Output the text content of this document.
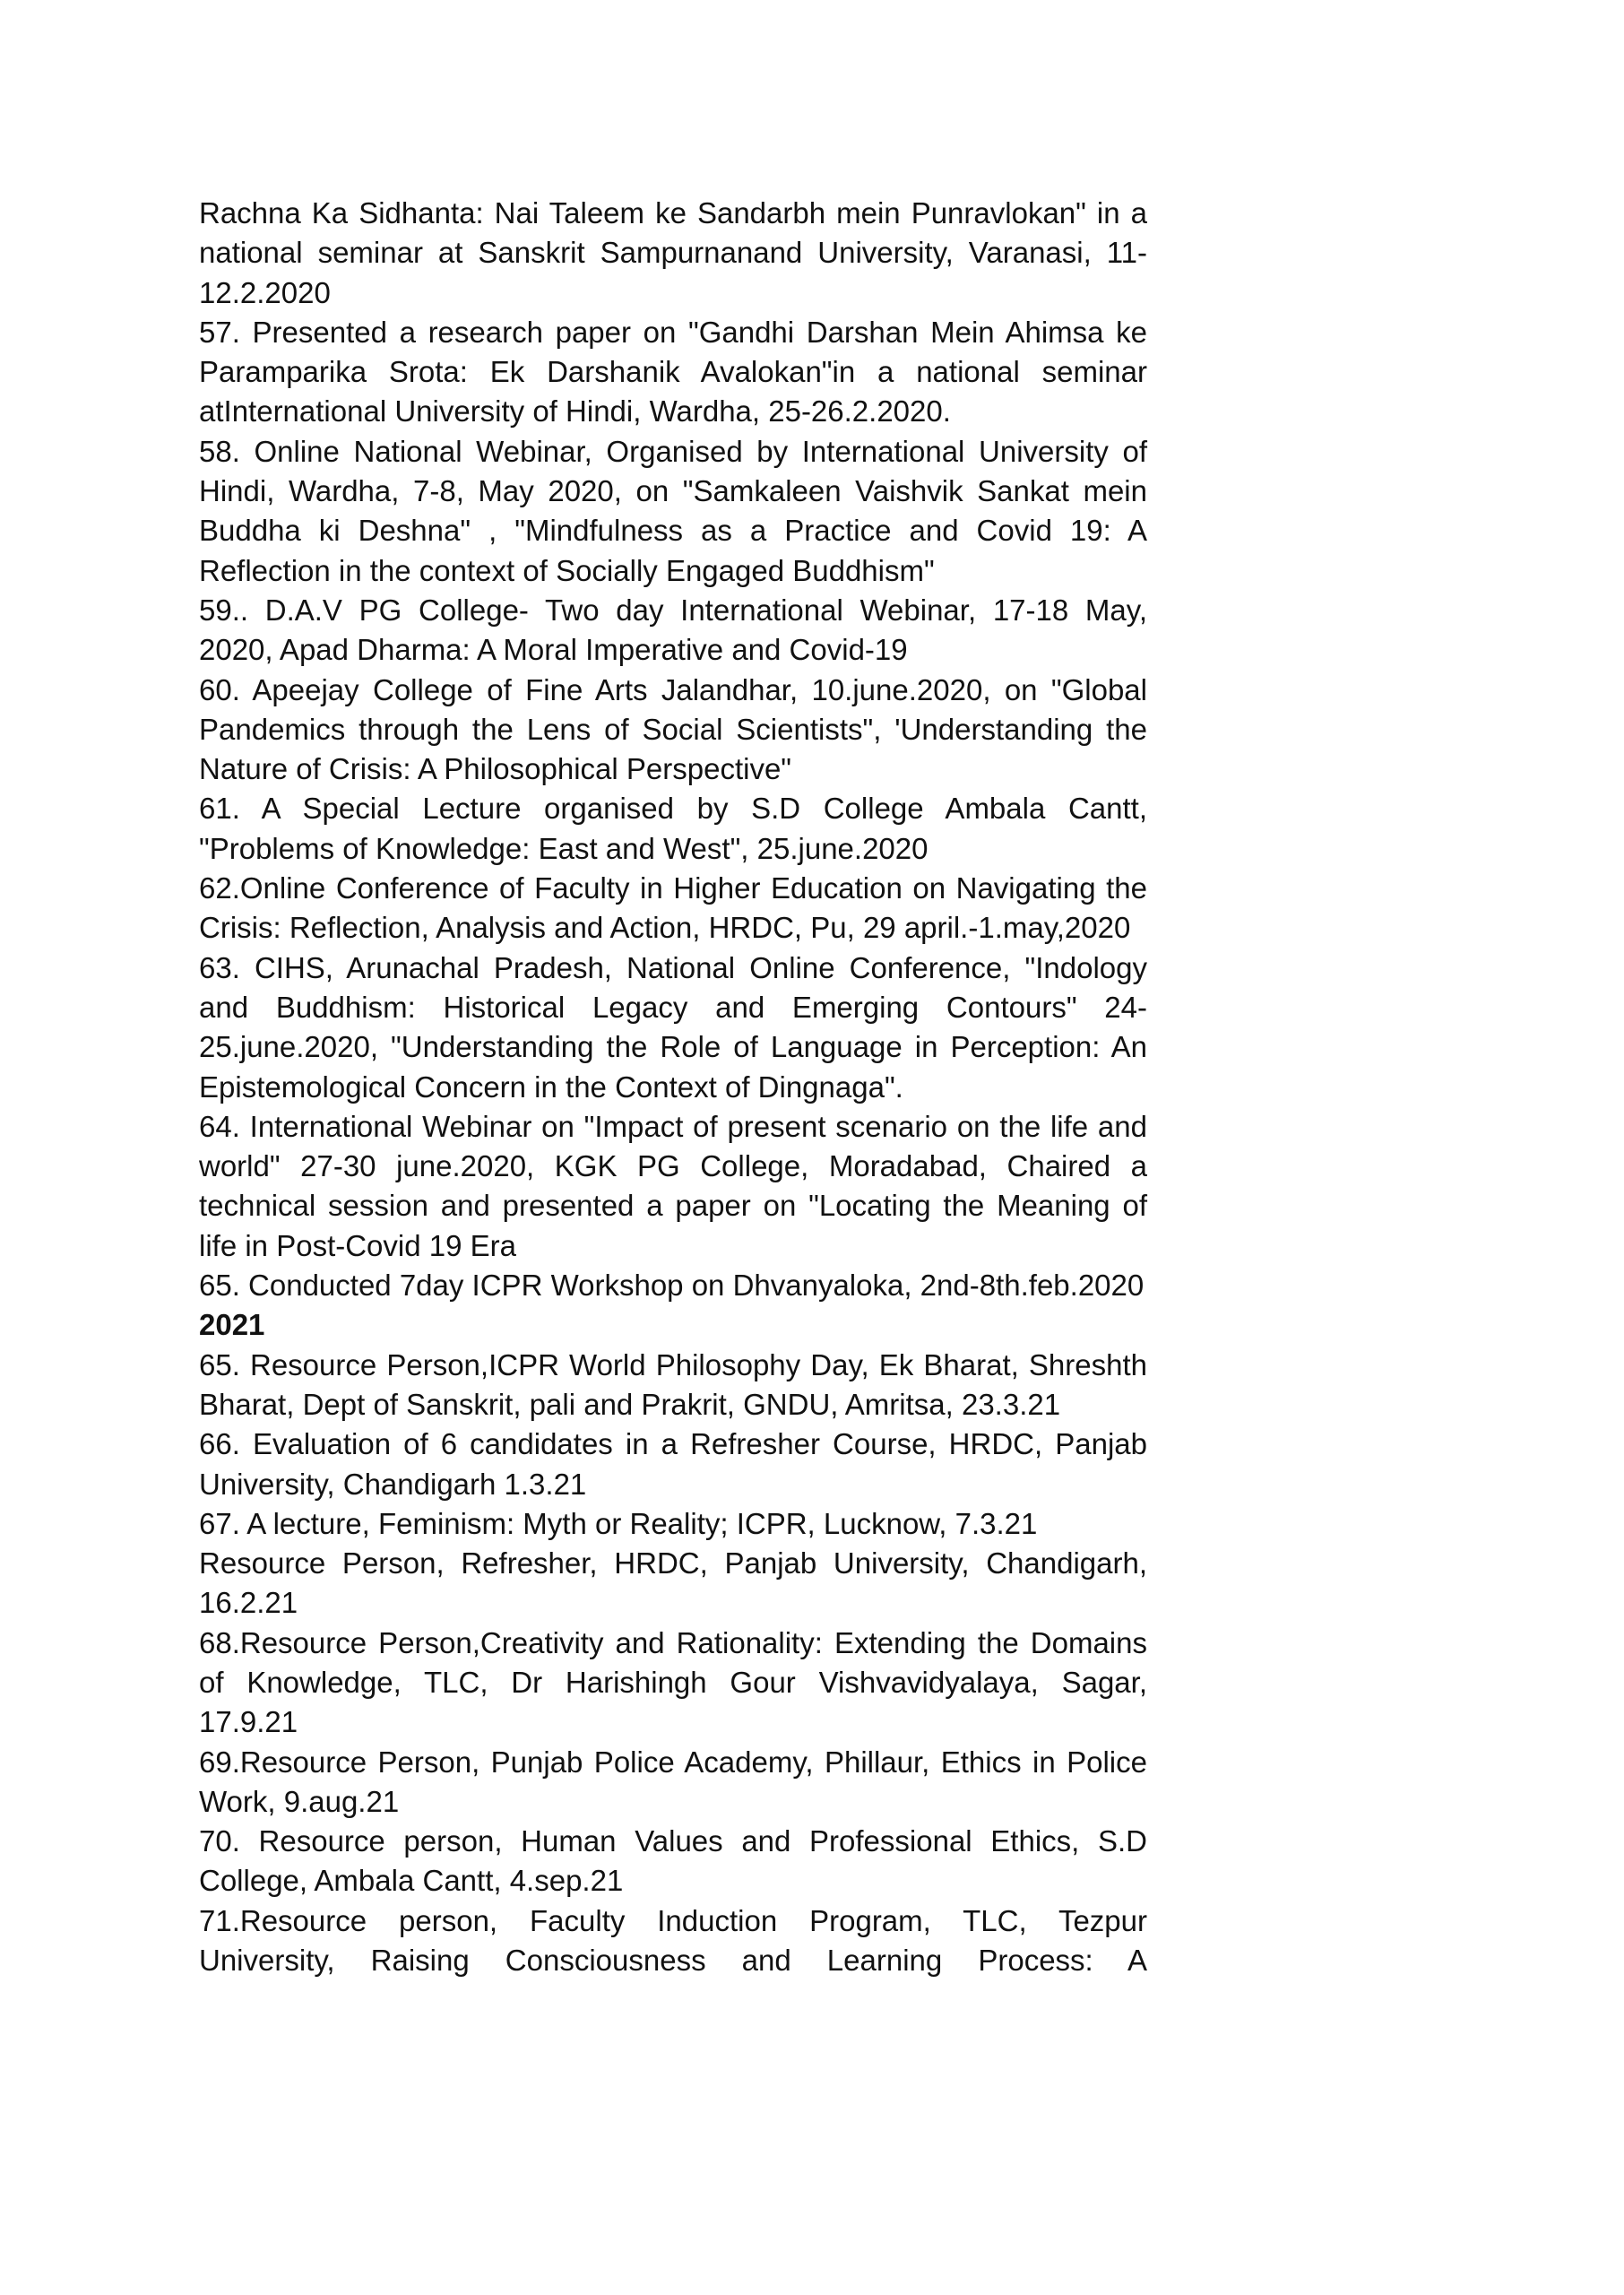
Rachna Ka Sidhanta: Nai Taleem ke Sandarbh mein Punravlokan" in a national seminar at Sanskrit Sampurnanand University, Varanasi, 11-12.2.2020

57. Presented a research paper on "Gandhi Darshan Mein Ahimsa ke Paramparika Srota: Ek Darshanik Avalokan"in a national seminar atInternational University of Hindi, Wardha, 25-26.2.2020.

58. Online National Webinar, Organised by International University of Hindi, Wardha, 7-8, May 2020, on "Samkaleen Vaishvik Sankat mein Buddha ki Deshna" , "Mindfulness as a Practice and Covid 19: A Reflection in the context of Socially Engaged Buddhism"

59.. D.A.V PG College- Two day International Webinar, 17-18 May, 2020, Apad Dharma: A Moral Imperative and Covid-19

60. Apeejay College of Fine Arts Jalandhar, 10.june.2020, on "Global Pandemics through the Lens of Social Scientists", 'Understanding the Nature of Crisis: A Philosophical Perspective"

61. A Special Lecture organised by S.D College Ambala Cantt, "Problems of Knowledge: East and West", 25.june.2020

62.Online Conference of Faculty in Higher Education on Navigating the Crisis: Reflection, Analysis and Action, HRDC, Pu, 29 april.-1.may,2020

63. CIHS, Arunachal Pradesh, National Online Conference, "Indology and Buddhism: Historical Legacy and Emerging Contours" 24-25.june.2020, "Understanding the Role of Language in Perception: An Epistemological Concern in the Context of Dingnaga".

64. International Webinar on "Impact of present scenario on the life and world" 27-30 june.2020, KGK PG College, Moradabad, Chaired a technical session and presented a paper on "Locating the Meaning of life in Post-Covid 19 Era

65. Conducted 7day ICPR Workshop on Dhvanyaloka, 2nd-8th.feb.2020

2021

65. Resource Person,ICPR World Philosophy Day, Ek Bharat, Shreshth Bharat, Dept of Sanskrit, pali and Prakrit, GNDU, Amritsa, 23.3.21

66. Evaluation of 6 candidates in a Refresher Course, HRDC, Panjab University, Chandigarh 1.3.21

67. A lecture, Feminism: Myth or Reality; ICPR, Lucknow, 7.3.21

Resource Person, Refresher, HRDC, Panjab University, Chandigarh, 16.2.21

68.Resource Person,Creativity and Rationality: Extending the Domains of Knowledge, TLC, Dr Harishingh Gour Vishvavidyalaya, Sagar, 17.9.21

69.Resource Person, Punjab Police Academy, Phillaur, Ethics in Police Work, 9.aug.21

70. Resource person, Human Values and Professional Ethics, S.D College, Ambala Cantt, 4.sep.21

71.Resource person, Faculty Induction Program, TLC, Tezpur University, Raising Consciousness and Learning Process: A
